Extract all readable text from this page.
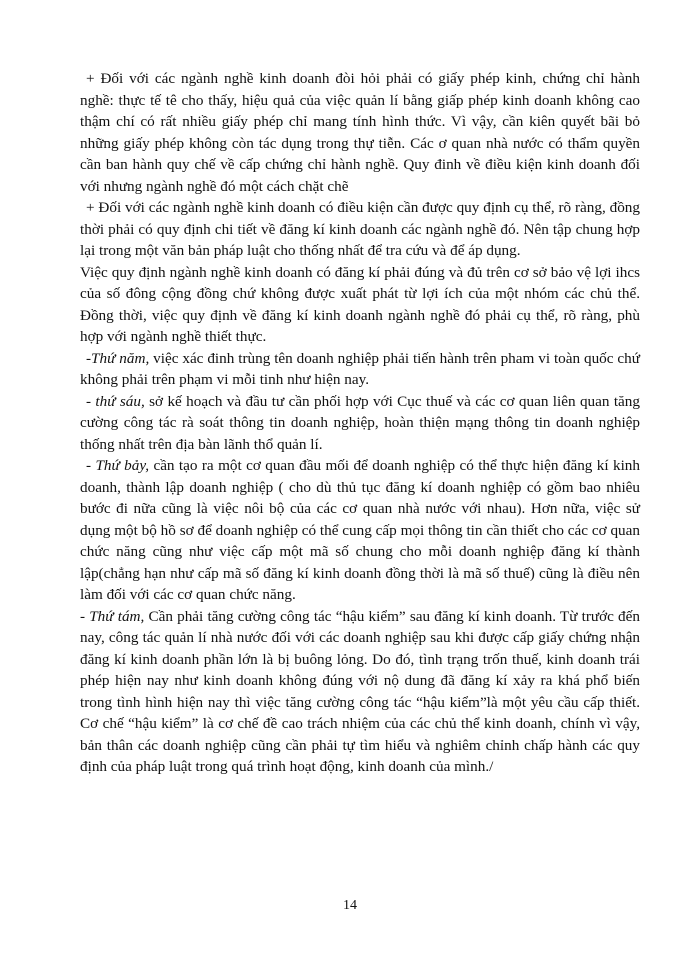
+ Đối với các ngành nghề kinh doanh đòi hỏi phải có giấy phép kinh, chứng chỉ hành nghề: thực tế tê cho thấy, hiệu quả của việc quản lí bằng giấp phép kinh doanh không cao thậm chí có rất nhiều giấy phép chỉ mang tính hình thức. Vì vậy, cần kiên quyết bãi bỏ những giấy phép không còn tác dụng trong thự tiễn. Các ơ quan nhà nước có thẩm quyền cần ban hành quy chế về cấp chứng chỉ hành nghề. Quy đinh về điều kiện kinh doanh đối với nhưng ngành nghề đó một cách chặt chẽ

+ Đối với các ngành nghề kinh doanh có điều kiện cần được quy định cụ thể, rõ ràng, đồng thời phải có quy định chi tiết về đăng kí kinh doanh các ngành nghề đó. Nên tập chung hợp lại trong một văn bản pháp luật cho thống nhất để tra cứu và để áp dụng.

Việc quy định ngành nghề kinh doanh có đăng kí phải đúng và đủ trên cơ sở bảo vệ lợi ihcs của số đông cộng đồng chứ không được xuất phát từ lợi ích của một nhóm các chủ thể. Đồng thời, việc quy định về đăng kí kinh doanh ngành nghề đó phải cụ thể, rõ ràng, phù hợp với ngành nghề thiết thực.

-Thứ năm, việc xác đinh trùng tên doanh nghiệp phải tiến hành trên pham vi toàn quốc chứ không phải trên phạm vi mỗi tinh như hiện nay.

- thứ sáu, sở kế hoạch và đầu tư cần phối hợp với Cục thuế và các cơ quan liên quan tăng cường công tác rà soát thông tin doanh nghiệp, hoàn thiện mạng thông tin doanh nghiệp thống nhất trên địa bàn lãnh thổ quản lí.

- Thứ bảy, cần tạo ra một cơ quan đầu mối để doanh nghiệp có thể thực hiện đăng kí kinh doanh, thành lập doanh nghiệp ( cho dù thủ tục đăng kí doanh nghiệp có gồm bao nhiêu bước đi nữa cũng là việc nôi bộ của các cơ quan nhà nước với nhau). Hơn nữa, việc sử dụng một bộ hồ sơ để doanh nghiệp có thể cung cấp mọi thông tin cần thiết cho các cơ quan chức năng cũng như việc cấp một mã số chung cho mỗi doanh nghiệp đăng kí thành lập(chẳng hạn như cấp mã số đăng kí kinh doanh đồng thời là mã số thuế) cũng là điều nên làm đối với các cơ quan chức năng.

- Thứ tám, Cần phải tăng cường công tác “hậu kiểm” sau đăng kí kinh doanh. Từ trước đến nay, công tác quản lí nhà nước đối với các doanh nghiệp sau khi được cấp giấy chứng nhận đăng kí kinh doanh phần lớn là bị buông lỏng. Do đó, tình trạng trốn thuế, kinh doanh trái phép hiện nay như kinh doanh không đúng với nộ dung đã đăng kí xảy ra khá phổ biến trong tình hình hiện nay thì việc tăng cường công tác “hậu kiểm”là một yêu cầu cấp thiết. Cơ chế “hậu kiểm” là cơ chế đề cao trách nhiệm của các chủ thể kinh doanh, chính vì vậy, bản thân các doanh nghiệp cũng cần phải tự tìm hiểu và nghiêm chỉnh chấp hành các quy định của pháp luật trong quá trình hoạt động, kinh doanh của mình./

14
